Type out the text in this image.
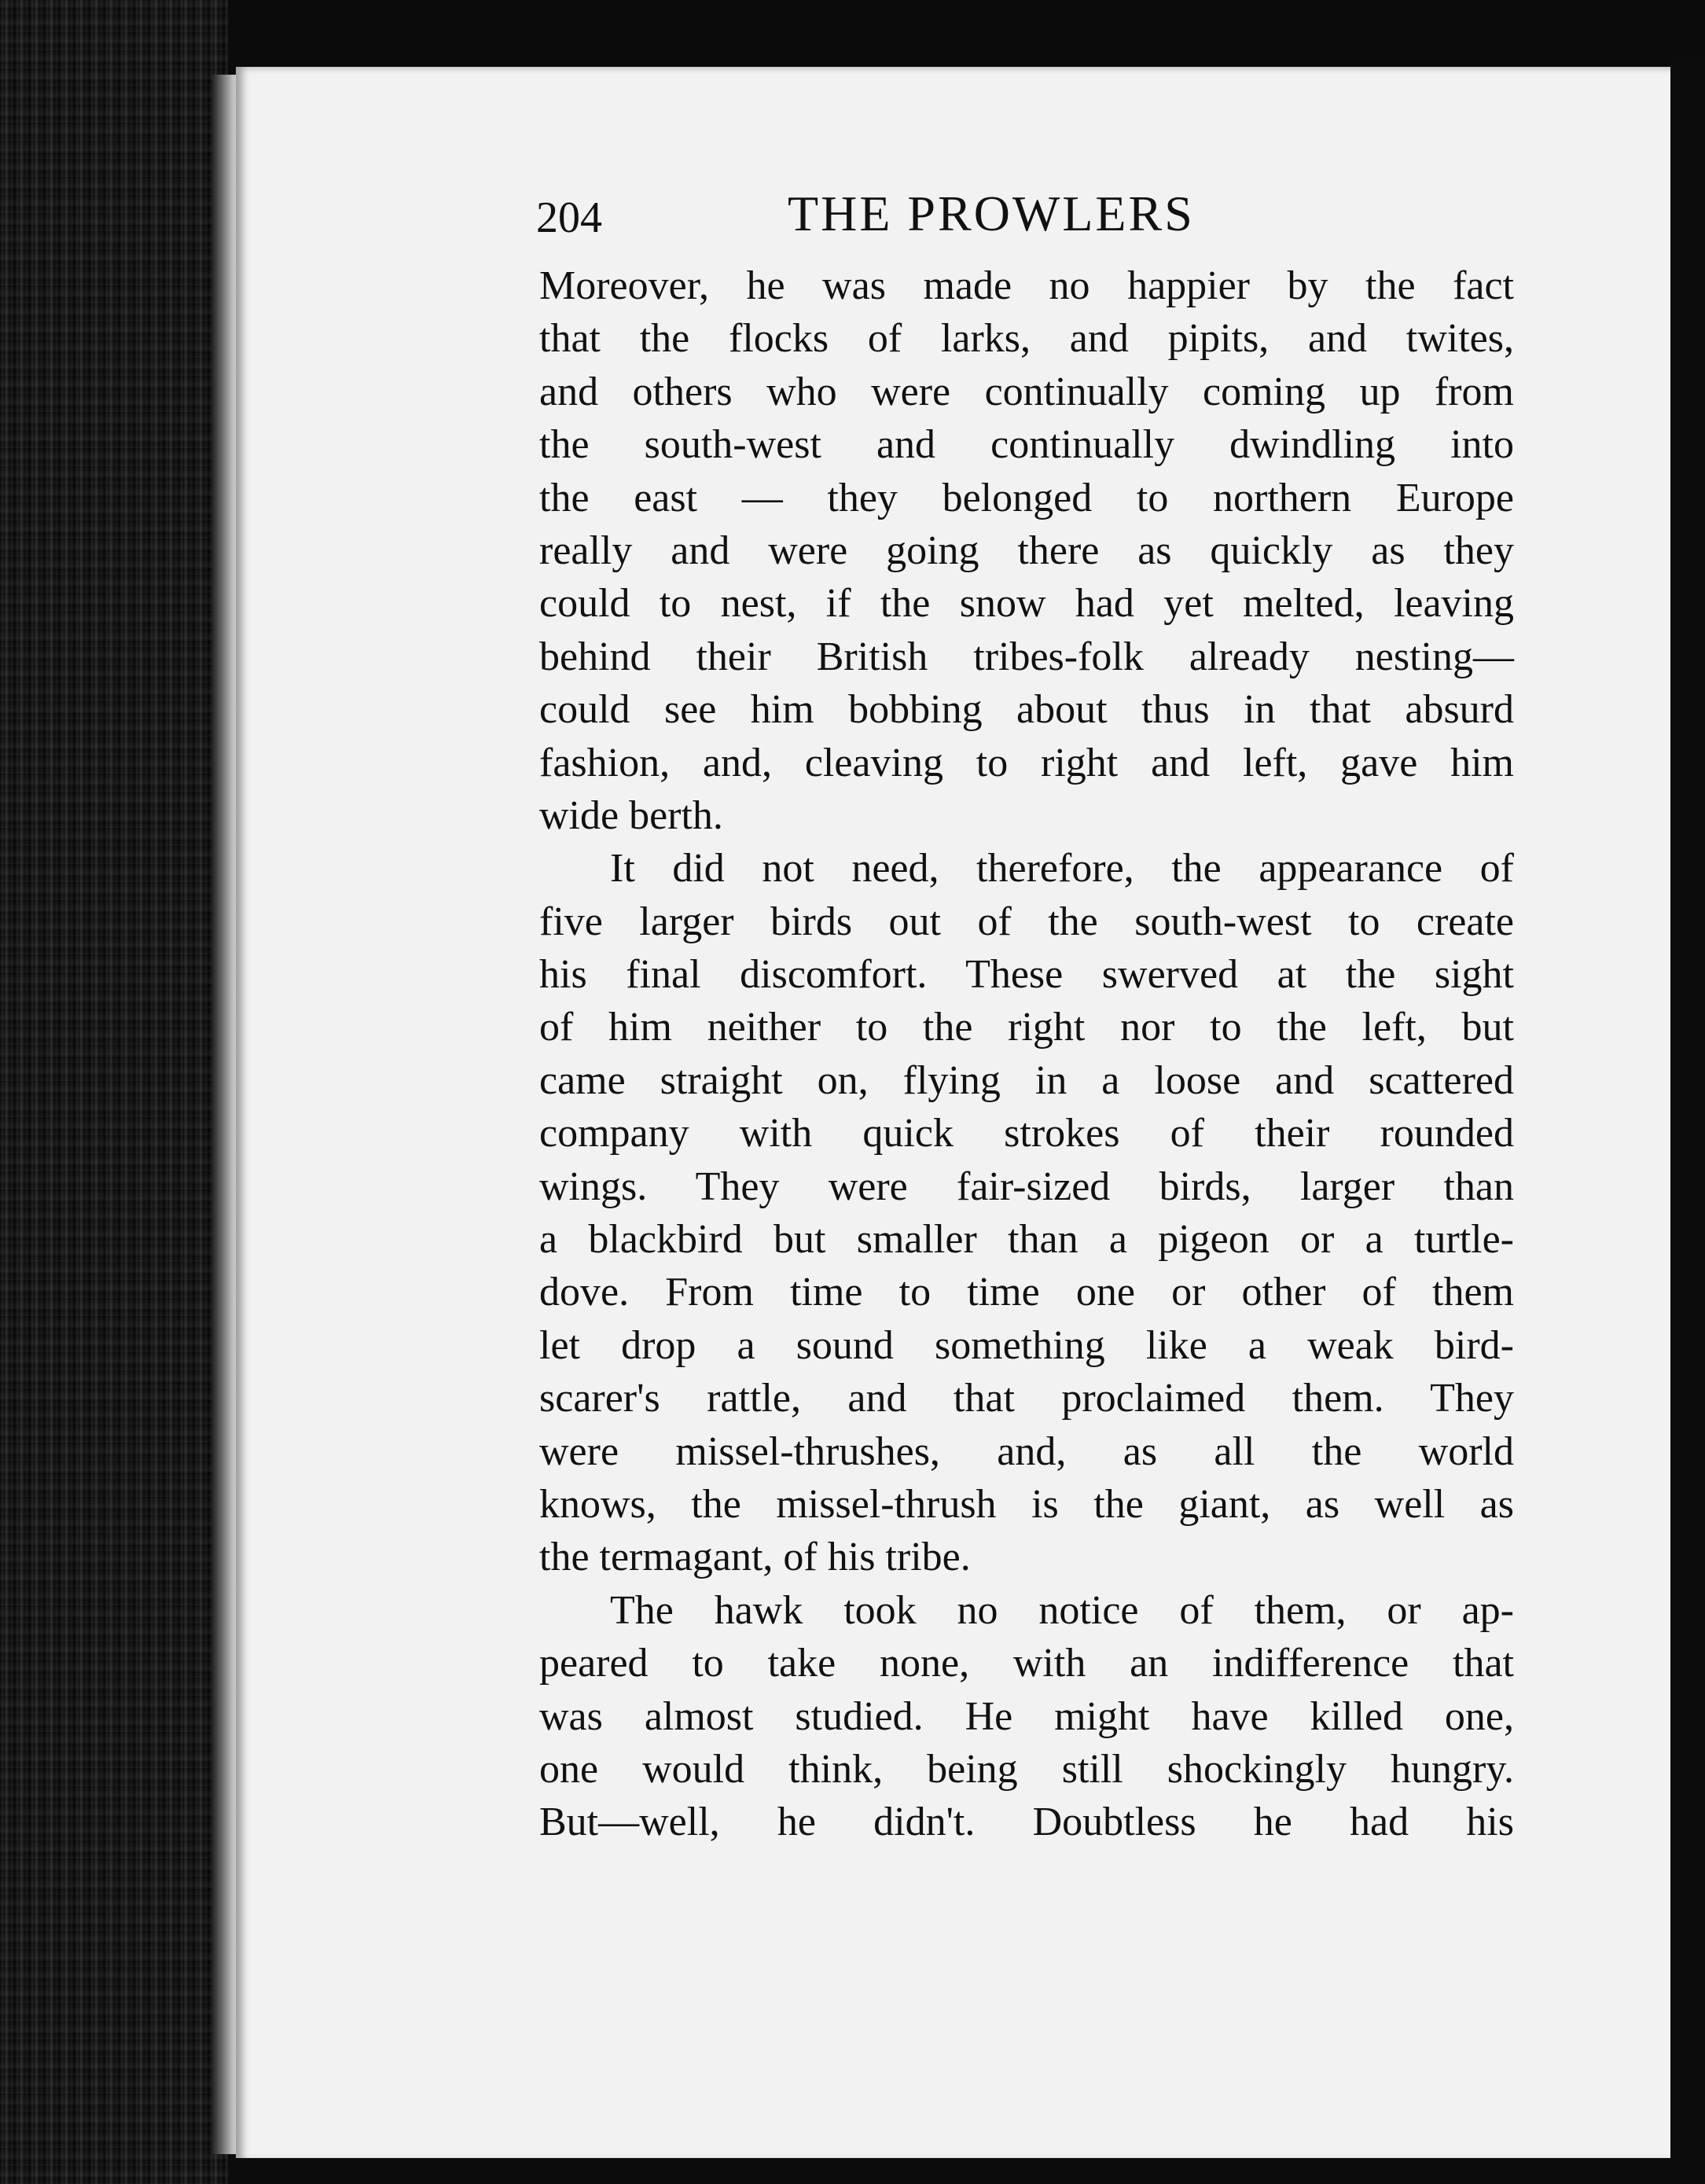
204	THE PROWLERS
Moreover, he was made no happier by the fact
that the flocks of larks, and pipits, and twites,
and others who were continually coming up from
the south-west and continually dwindling into
the east — they belonged to northern Europe
really and were going there as quickly as they
could to nest, if the snow had yet melted, leaving
behind their British tribes-folk already nesting—
could see him bobbing about thus in that absurd
fashion, and, cleaving to right and left, gave him
wide berth.
It did not need, therefore, the appearance of
five larger birds out of the south-west to create
his final discomfort. These swerved at the sight
of him neither to the right nor to the left, but
came straight on, flying in a loose and scattered
company with quick strokes of their rounded
wings. They were fair-sized birds, larger than
a blackbird but smaller than a pigeon or a turtle-
dove. From time to time one or other of them
let drop a sound something like a weak bird-
scarer's rattle, and that proclaimed them. They
were missel-thrushes, and, as all the world
knows, the missel-thrush is the giant, as well as
the termagant, of his tribe.
The hawk took no notice of them, or ap-
peared to take none, with an indifference that
was almost studied. He might have killed one,
one would think, being still shockingly hungry.
But—well, he didn't. Doubtless he had his
